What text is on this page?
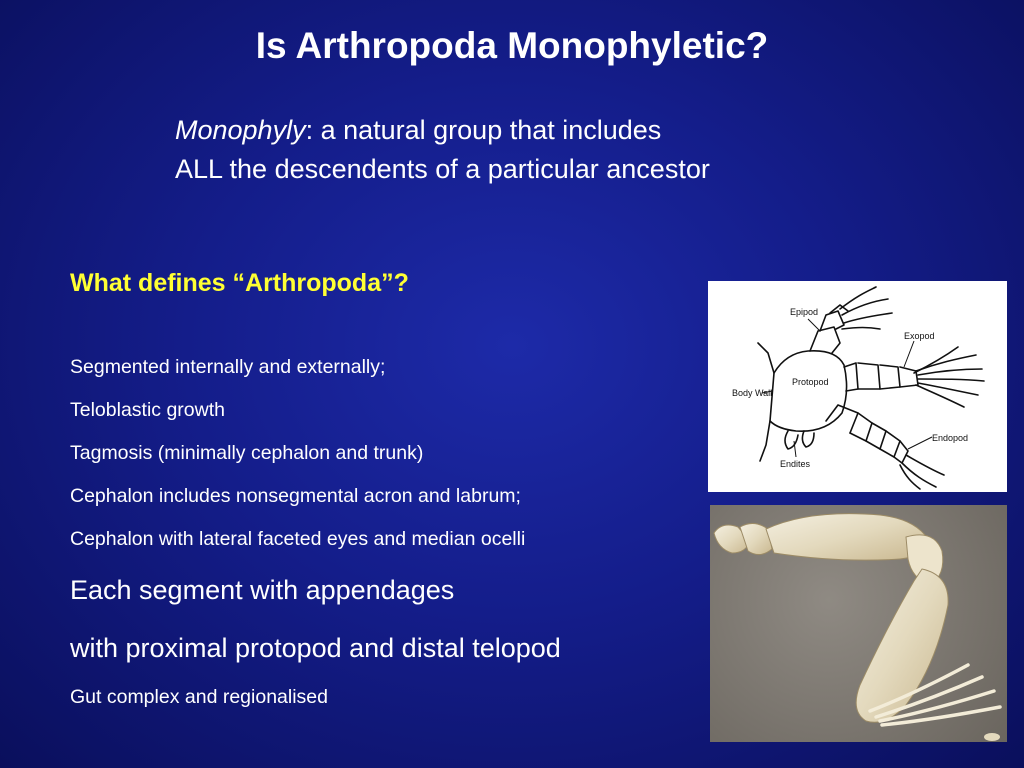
Is Arthropoda Monophyletic?
Monophyly: a natural group that includes
ALL the descendents of a particular ancestor
What defines “Arthropoda”?
Segmented internally and externally;
Teloblastic growth
Tagmosis (minimally cephalon and trunk)
Cephalon includes nonsegmental acron and labrum;
Cephalon with lateral faceted eyes and median ocelli
Each segment with appendages
with proximal protopod and distal telopod
Gut complex and regionalised
Epipod
Exopod
Protopod
Body Wall
Endopod
Endites
